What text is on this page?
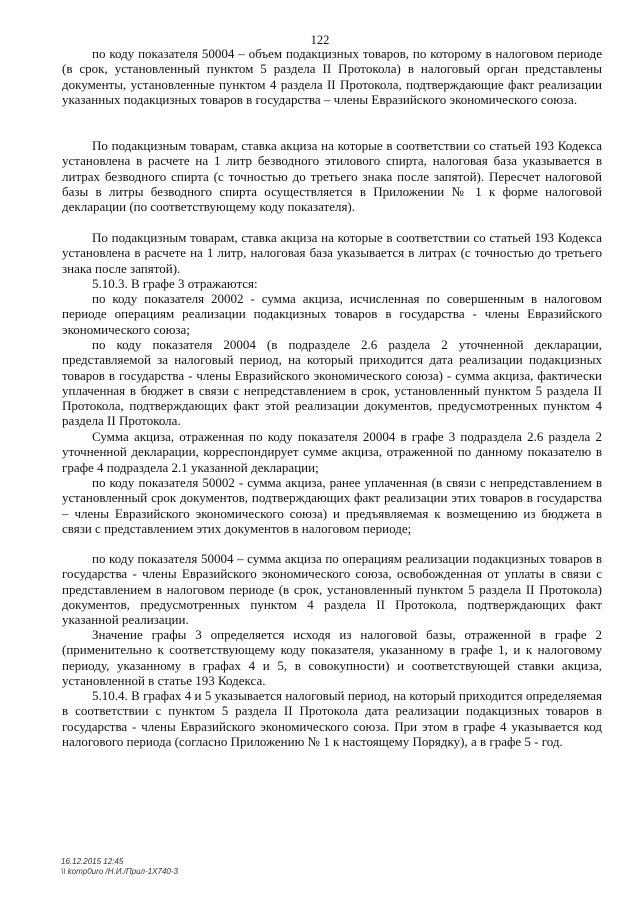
122

по коду показателя 50004 – объем подакцизных товаров, по которому в налоговом периоде (в срок, установленный пунктом 5 раздела II Протокола) в налоговый орган представлены документы, установленные пунктом 4 раздела II Протокола, подтверждающие факт реализации указанных подакцизных товаров в государства – члены Евразийского экономического союза.

По подакцизным товарам, ставка акциза на которые в соответствии со статьей 193 Кодекса установлена в расчете на 1 литр безводного этилового спирта, налоговая база указывается в литрах безводного спирта (с точностью до третьего знака после запятой). Пересчет налоговой базы в литры безводного спирта осуществляется в Приложении № 1 к форме налоговой декларации (по соответствующему коду показателя).

По подакцизным товарам, ставка акциза на которые в соответствии со статьей 193 Кодекса установлена в расчете на 1 литр, налоговая база указывается в литрах (с точностью до третьего знака после запятой).

5.10.3. В графе 3 отражаются:

по коду показателя 20002 - сумма акциза, исчисленная по совершенным в налоговом периоде операциям реализации подакцизных товаров в государства - члены Евразийского экономического союза;

по коду показателя 20004 (в подразделе 2.6 раздела 2 уточненной декларации, представляемой за налоговый период, на который приходится дата реализации подакцизных товаров в государства - члены Евразийского экономического союза) - сумма акциза, фактически уплаченная в бюджет в связи с непредставлением в срок, установленный пунктом 5 раздела II Протокола, подтверждающих факт этой реализации документов, предусмотренных пунктом 4 раздела II Протокола.

Сумма акциза, отраженная по коду показателя 20004 в графе 3 подраздела 2.6 раздела 2 уточненной декларации, корреспондирует сумме акциза, отраженной по данному показателю в графе 4 подраздела 2.1 указанной декларации;

по коду показателя 50002 - сумма акциза, ранее уплаченная (в связи с непредставлением в установленный срок документов, подтверждающих факт реализации этих товаров в государства – члены Евразийского экономического союза) и предъявляемая к возмещению из бюджета в связи с представлением этих документов в налоговом периоде;

по коду показателя 50004 – сумма акциза по операциям реализации подакцизных товаров в государства - члены Евразийского экономического союза, освобожденная от уплаты в связи с представлением в налоговом периоде (в срок, установленный пунктом 5 раздела II Протокола) документов, предусмотренных пунктом 4 раздела II Протокола, подтверждающих факт указанной реализации.

Значение графы 3 определяется исходя из налоговой базы, отраженной в графе 2 (применительно к соответствующему коду показателя, указанному в графе 1, и к налоговому периоду, указанному в графах 4 и 5, в совокупности) и соответствующей ставки акциза, установленной в статье 193 Кодекса.

5.10.4. В графах 4 и 5 указывается налоговый период, на который приходится определяемая в соответствии с пунктом 5 раздела II Протокола дата реализации подакцизных товаров в государства - члены Евразийского экономического союза. При этом в графе 4 указывается код налогового периода (согласно Приложению № 1 к настоящему Порядку), а в графе 5 - год.

16.12.2015 12:45
\\ komp0uro /Н.И./Прил-1Х740-3
